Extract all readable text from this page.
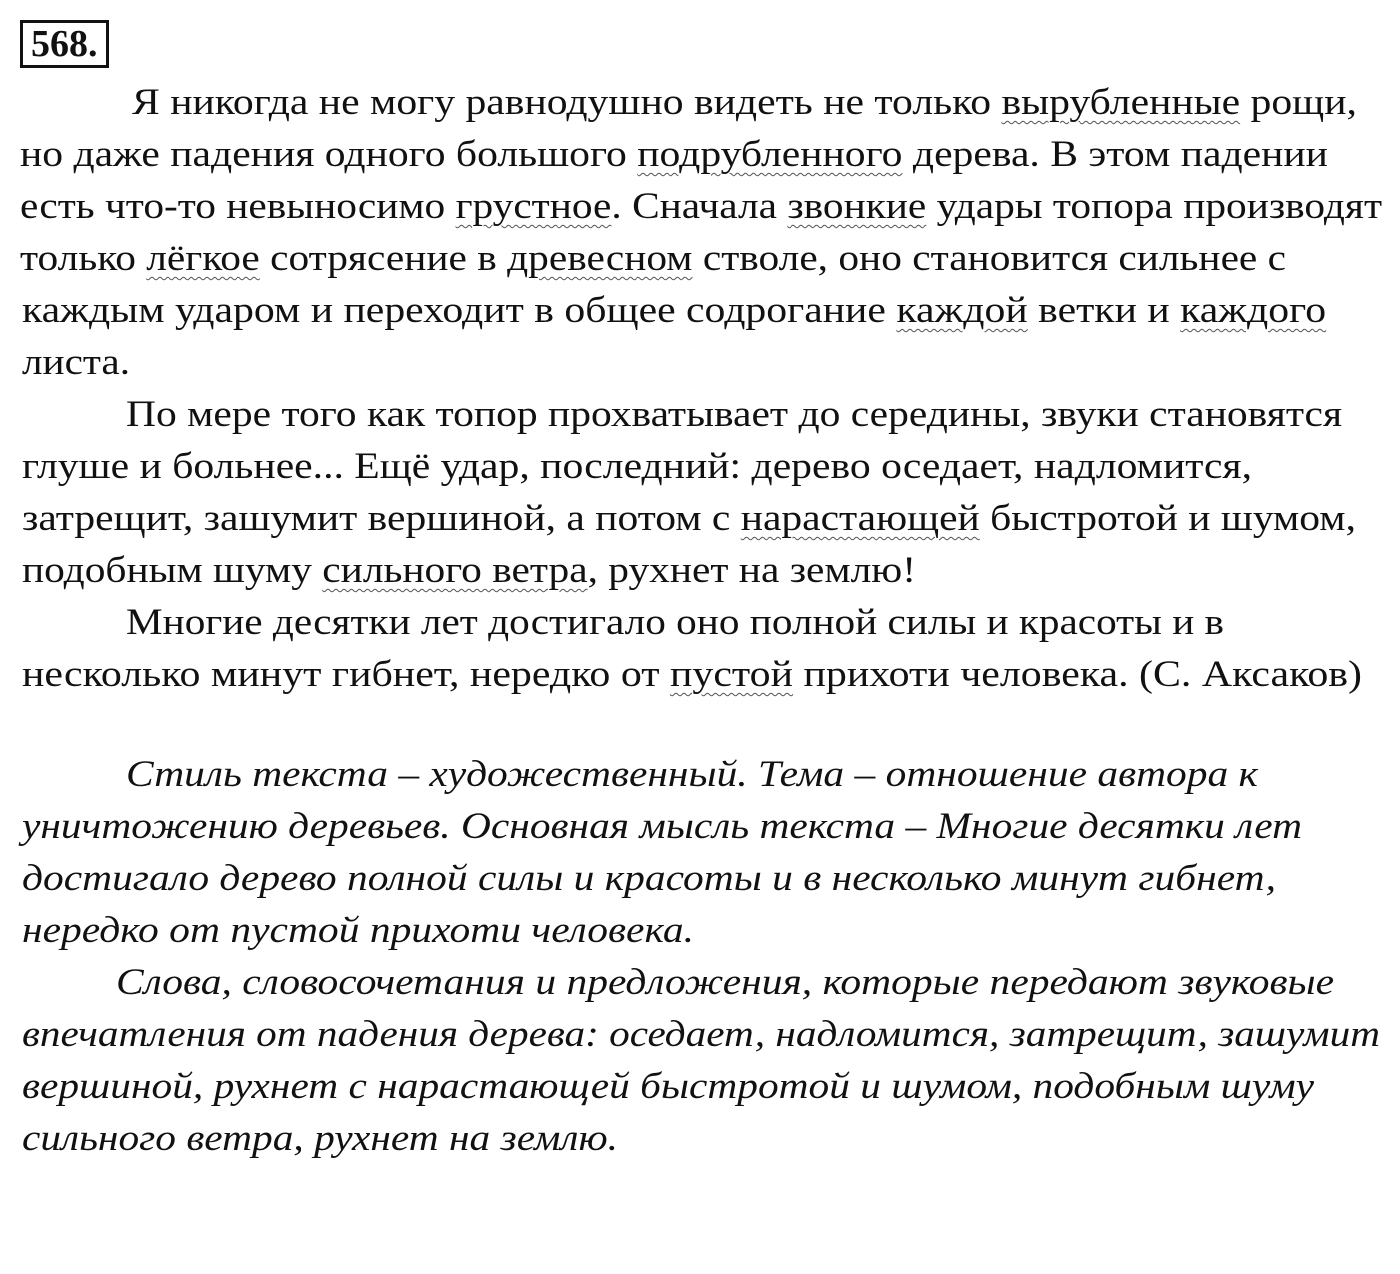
568.
Я никогда не могу равнодушно видеть не только вырубленные рощи,
но даже падения одного большого подрубленного дерева. В этом падении
есть что-то невыносимо грустное. Сначала звонкие удары топора производят
только лёгкое сотрясение в древесном стволе, оно становится сильнее с
каждым ударом и переходит в общее содрогание каждой ветки и каждого
листа.
По мере того как топор прохватывает до середины, звуки становятся
глуше и больнее... Ещё удар, последний: дерево оседает, надломится,
затрещит, зашумит вершиной, а потом с нарастающей быстротой и шумом,
подобным шуму сильного ветра, рухнет на землю!
Многие десятки лет достигало оно полной силы и красоты и в
несколько минут гибнет, нередко от пустой прихоти человека. (С. Аксаков)
Стиль текста – художественный. Тема – отношение автора к
уничтожению деревьев. Основная мысль текста – Многие десятки лет
достигало дерево полной силы и красоты и в несколько минут гибнет,
нередко от пустой прихоти человека.
Слова, словосочетания и предложения, которые передают звуковые
впечатления от падения дерева: оседает, надломится, затрещит, зашумит
вершиной, рухнет с нарастающей быстротой и шумом, подобным шуму
сильного ветра, рухнет на землю.
